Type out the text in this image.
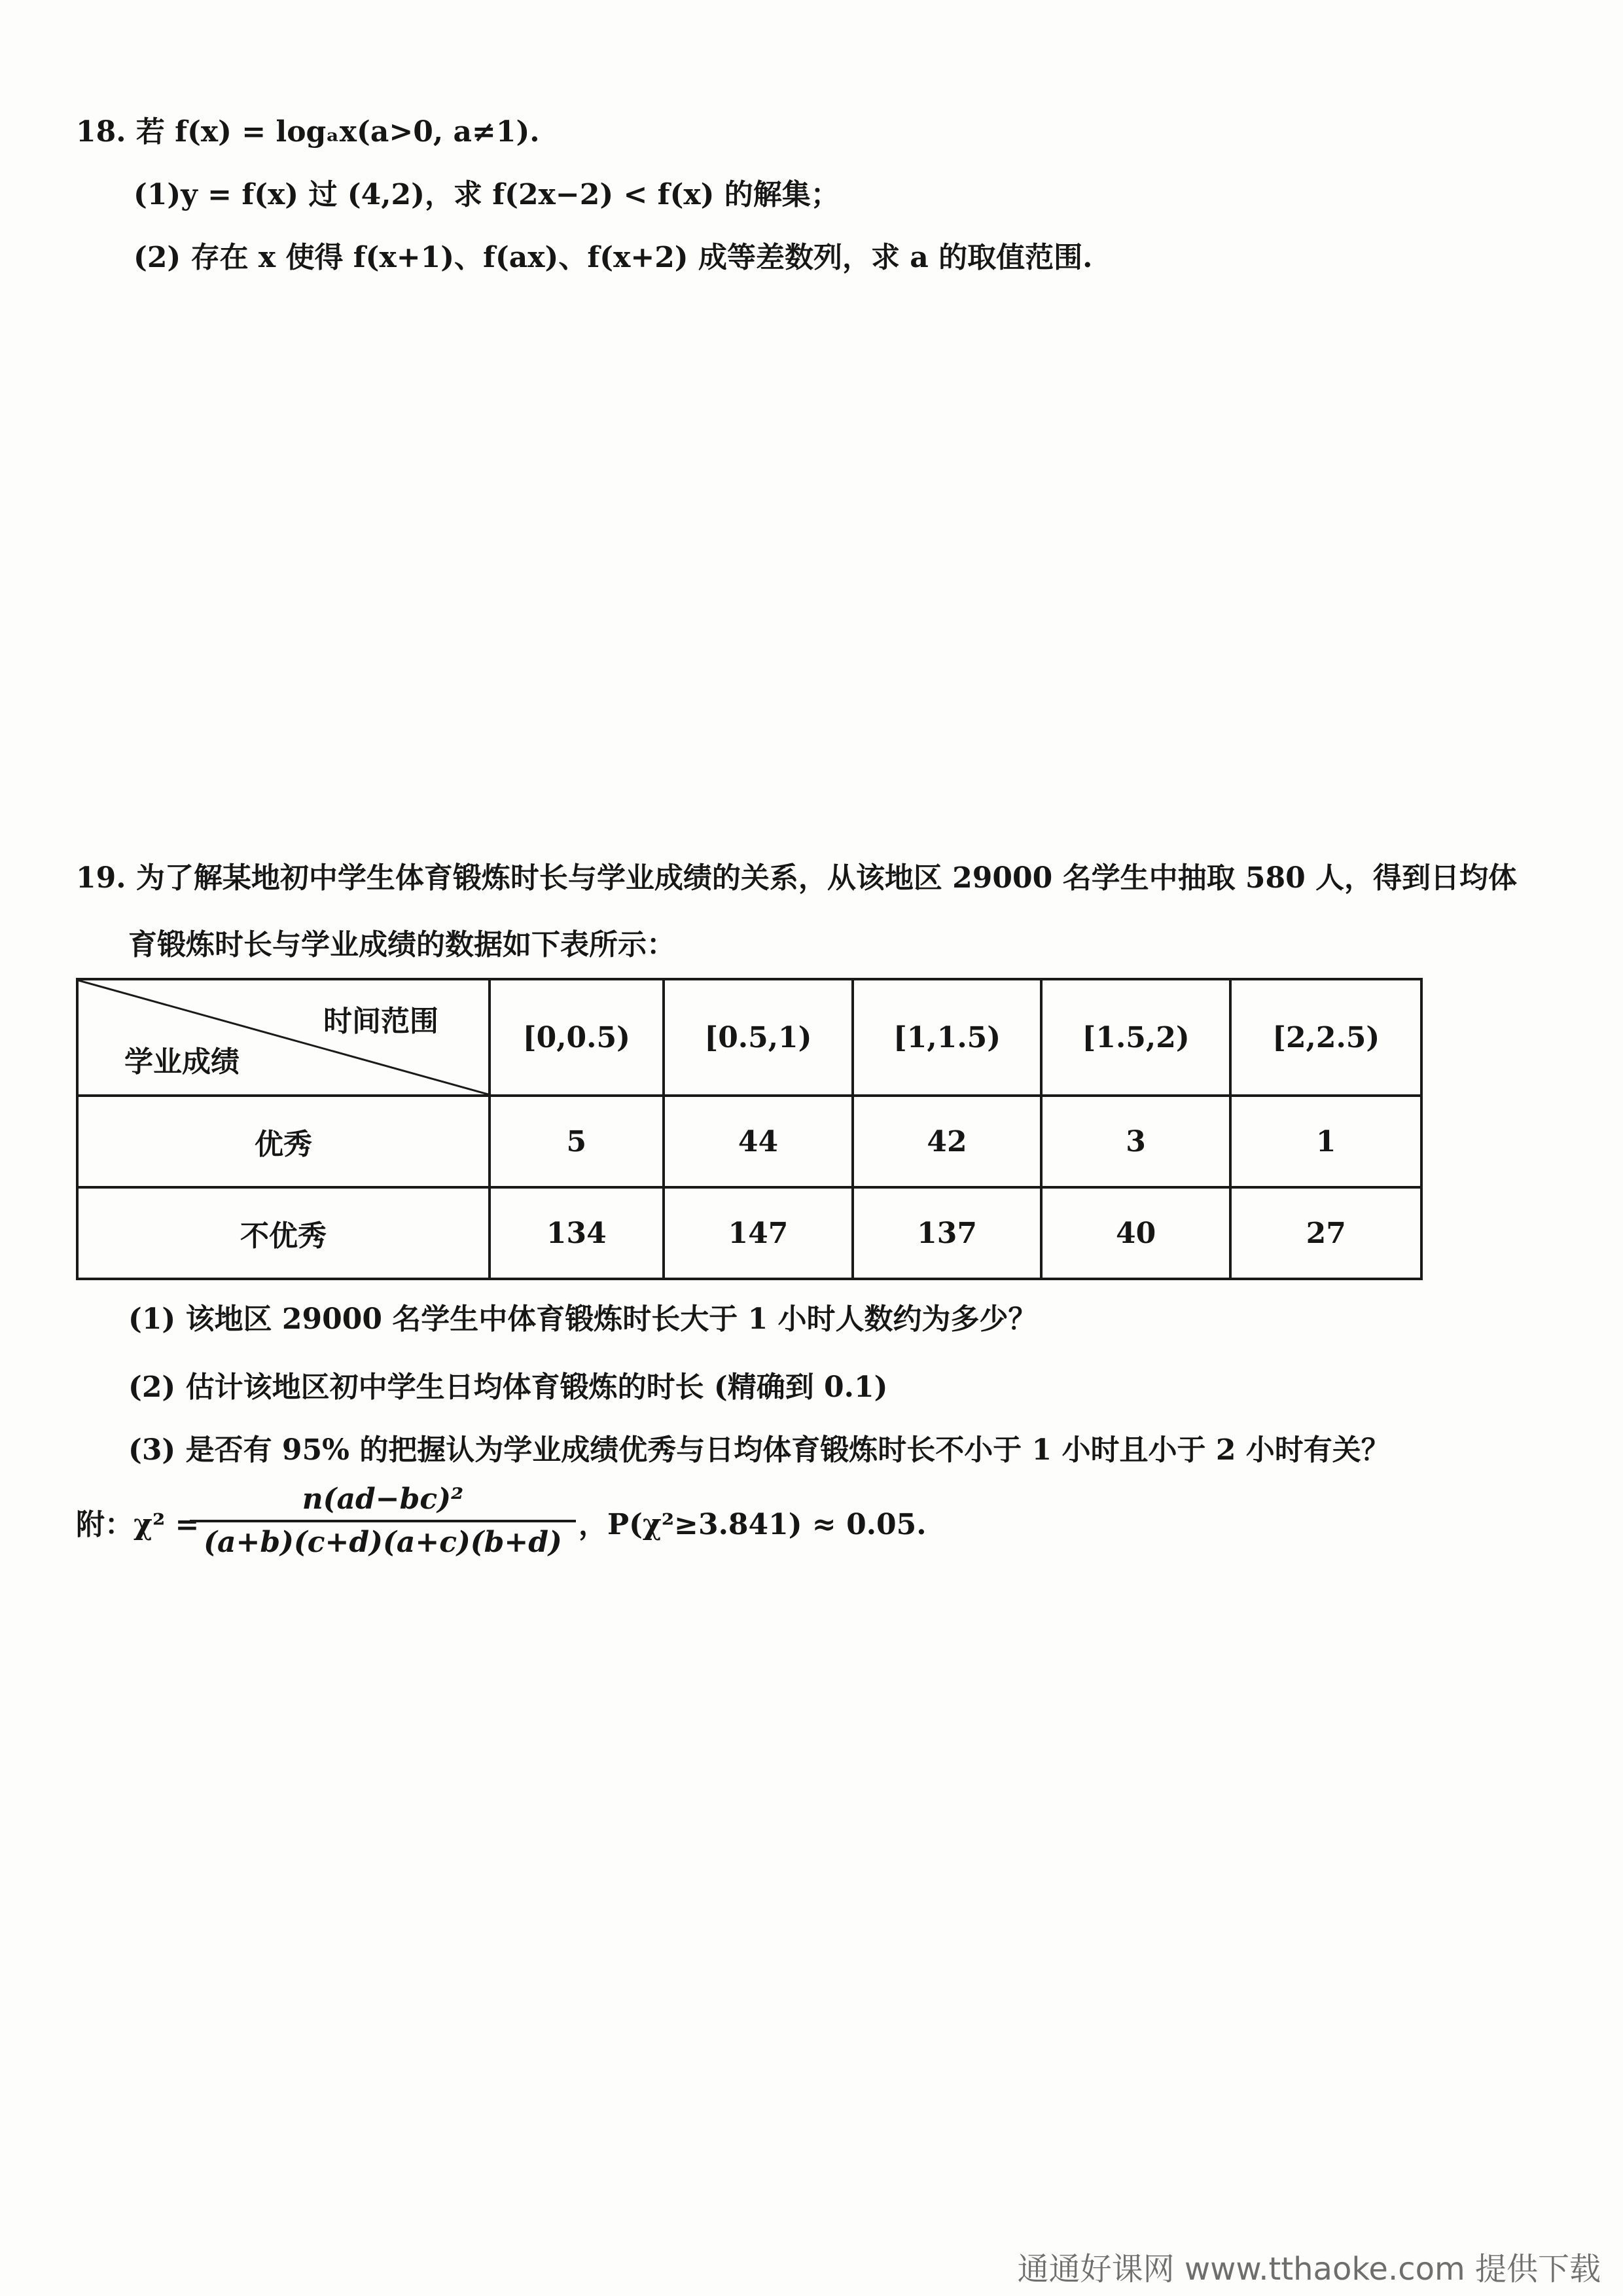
18. 若 f(x) = logₐx(a>0, a≠1).
(1)y = f(x) 过 (4,2)，求 f(2x−2) < f(x) 的解集；
(2) 存在 x 使得 f(x+1)、f(ax)、f(x+2) 成等差数列，求 a 的取值范围.
19. 为了解某地初中学生体育锻炼时长与学业成绩的关系，从该地区 29000 名学生中抽取 580 人，得到日均体
育锻炼时长与学业成绩的数据如下表所示：
时间范围
学业成绩	[0,0.5)	[0.5,1)	[1,1.5)	[1.5,2)	[2,2.5)
优秀	5	44	42	3	1
不优秀	134	147	137	40	27
(1) 该地区 29000 名学生中体育锻炼时长大于 1 小时人数约为多少？
(2) 估计该地区初中学生日均体育锻炼的时长 (精确到 0.1)
(3) 是否有 95% 的把握认为学业成绩优秀与日均体育锻炼时长不小于 1 小时且小于 2 小时有关？
附：χ² =
n(ad−bc)²
(a+b)(c+d)(a+c)(b+d)
，P(χ²≥3.841) ≈ 0.05.
通通好课网 www.tthaoke.com 提供下载
